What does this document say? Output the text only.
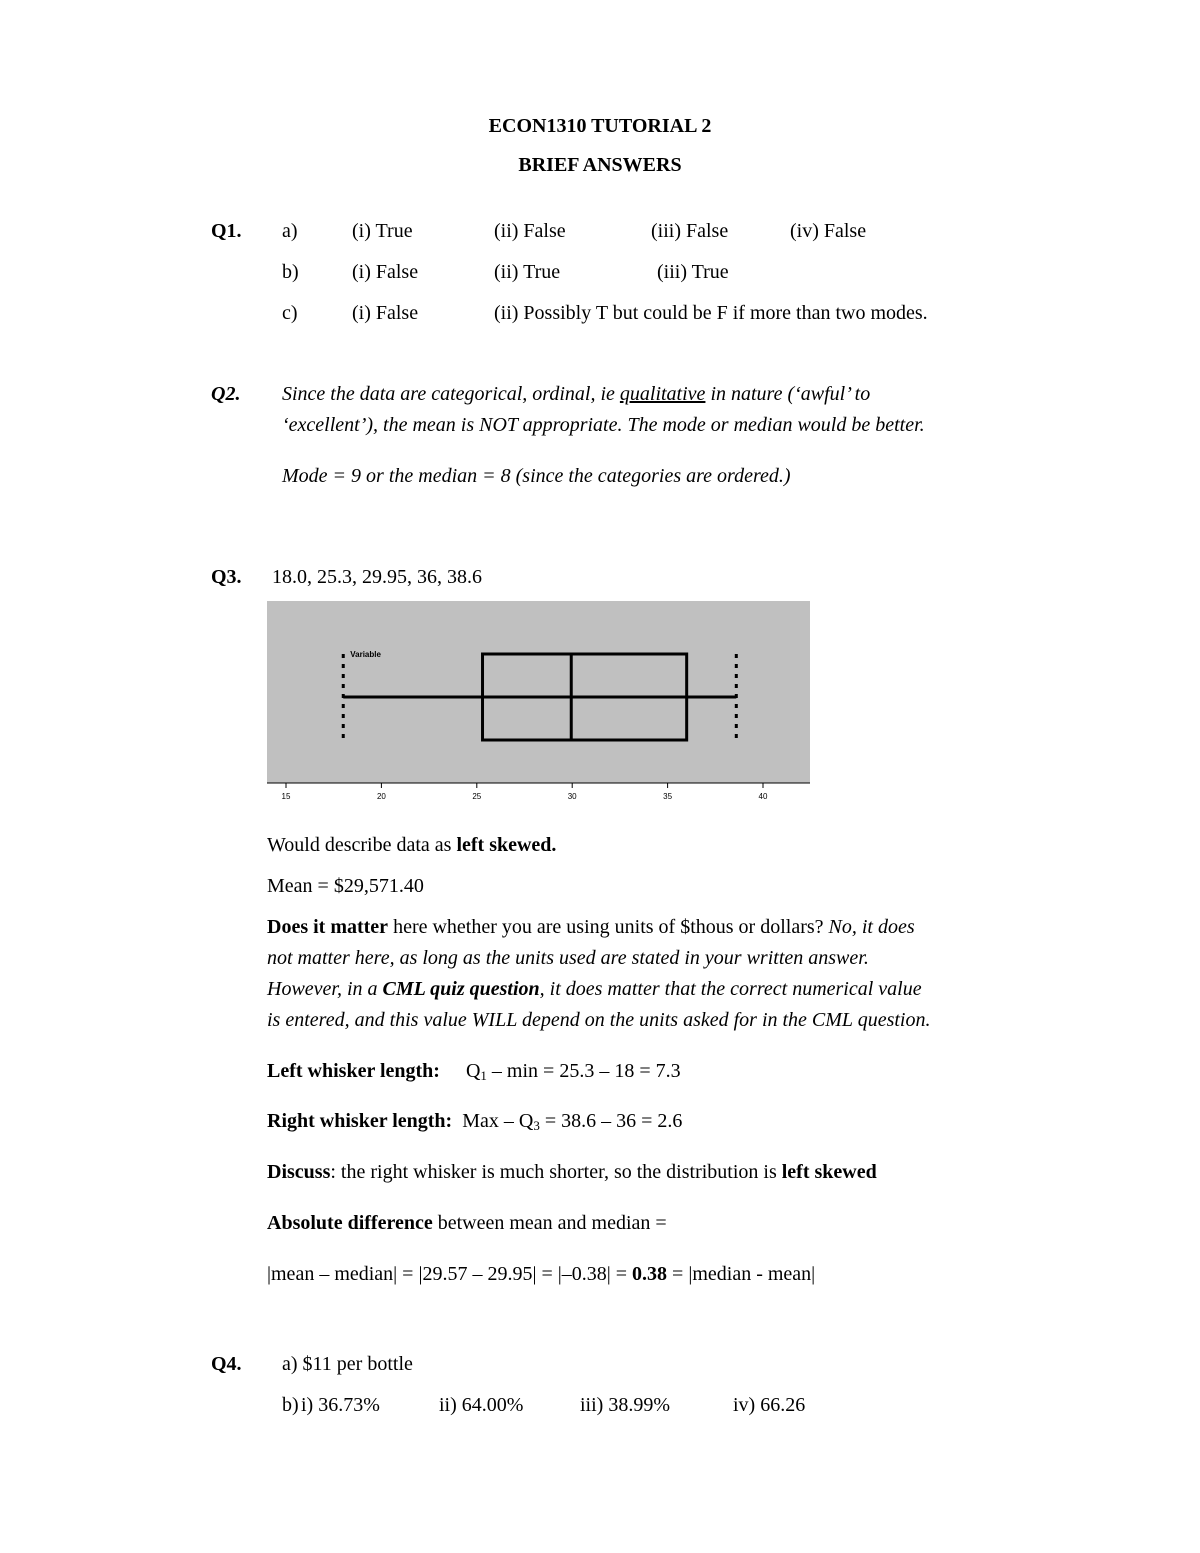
ECON1310 TUTORIAL 2
BRIEF ANSWERS
Q1. a)	(i) True	(ii) False	(iii) False	(iv) False
b)	(i) False	(ii) True	(iii) True
c)	(i) False	(ii) Possibly T but could be F if more than two modes.
Q2. Since the data are categorical, ordinal, ie qualitative in nature (‘awful’ to
‘excellent’), the mean is NOT appropriate. The mode or median would be better.
Mode = 9 or the median = 8 (since the categories are ordered.)
Q3. 18.0, 25.3, 29.95, 36, 38.6
Variable
15	20	25	30	35	40
Would describe data as left skewed.
Mean = $29,571.40
Does it matter here whether you are using units of $thous or dollars? No, it does
not matter here, as long as the units used are stated in your written answer.
However, in a CML quiz question, it does matter that the correct numerical value
is entered, and this value WILL depend on the units asked for in the CML question.
Left whisker length: $Q_1 - \min = 25.3 - 18 = 7.3$
Right whisker length: Max – $Q_3 = 38.6 - 36 = 2.6$
Discuss: the right whisker is much shorter, so the distribution is left skewed
Absolute difference between mean and median =
|mean – median| = |29.57 – 29.95| = |–0.38| = 0.38 = |median - mean|
Q4. a) $11 per bottle
b) i) 36.73%	ii) 64.00%	iii) 38.99%	iv) 66.26
